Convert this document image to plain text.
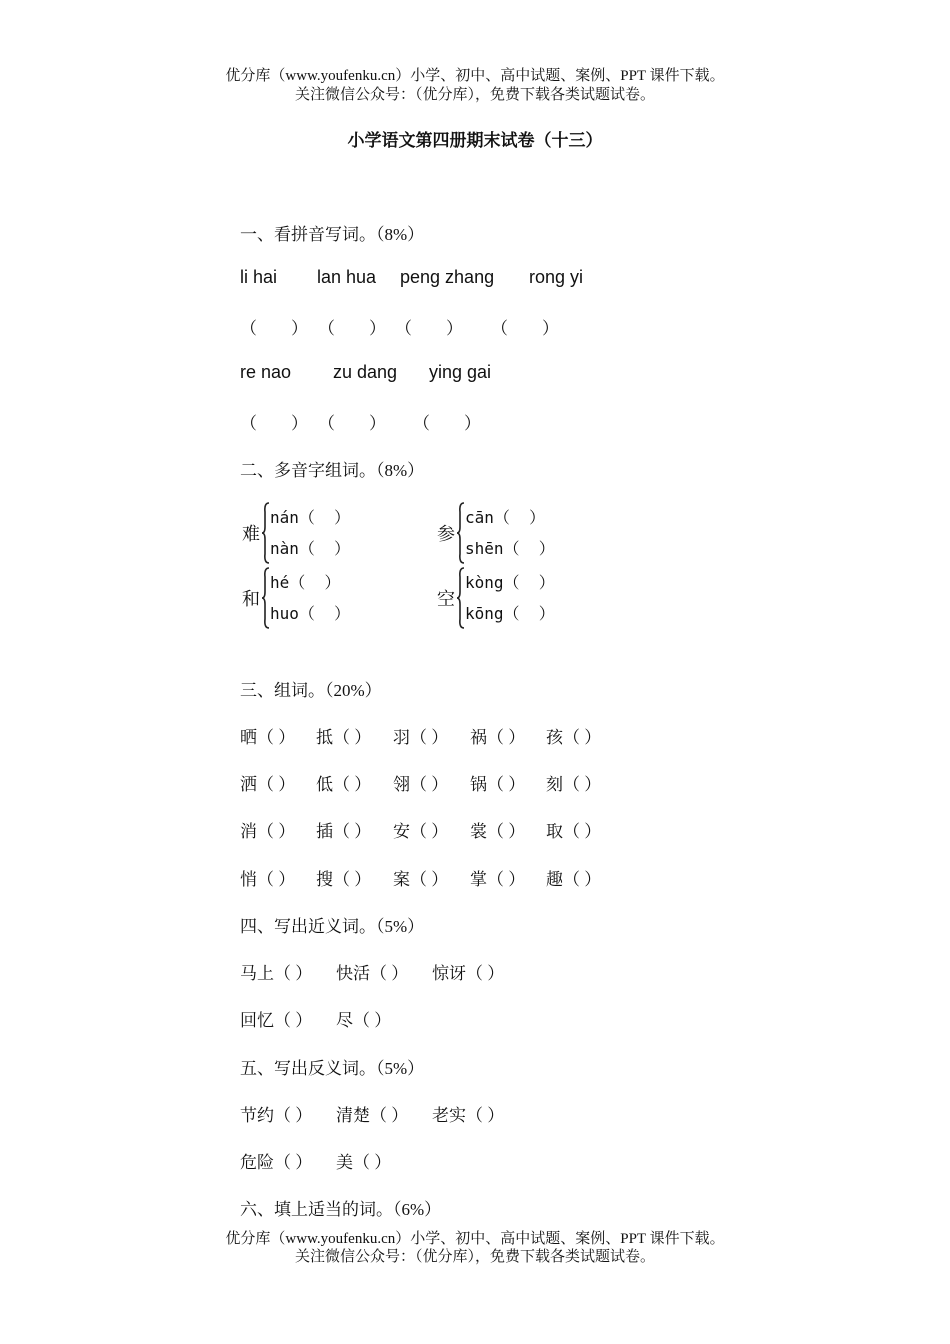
优分库（www.youfenku.cn）小学、初中、高中试题、案例、PPT 课件下载。
关注微信公众号：（优分库），免费下载各类试题试卷。
小学语文第四册期末试卷（十三）
一、看拼音写词。（8%）
li hai lan hua peng zhang rong yi
（　　） （　　） （　　） （　　）
re nao zu dang ying gai
（　　） （　　） （　　）
二、多音字组词。（8%）
难
nán（  ）
nàn（  ）
参
cān（  ）
shēn（  ）
和
hé（  ）
huo（  ）
空
kòng（  ）
kōng（  ）
三、组词。（20%）
晒（ ） 抵（ ） 羽（ ） 祸（ ） 孩（ ）
洒（ ） 低（ ） 翎（ ） 锅（ ） 刻（ ）
消（ ） 插（ ） 安（ ） 裳（ ） 取（ ）
悄（ ） 搜（ ） 案（ ） 掌（ ） 趣（ ）
四、写出近义词。（5%）
马上（ ） 快活（ ） 惊讶（ ）
回忆（ ） 尽（ ）
五、写出反义词。（5%）
节约（ ） 清楚（ ） 老实（ ）
危险（ ） 美（ ）
六、填上适当的词。（6%）
优分库（www.youfenku.cn）小学、初中、高中试题、案例、PPT 课件下载。
关注微信公众号：（优分库），免费下载各类试题试卷。
